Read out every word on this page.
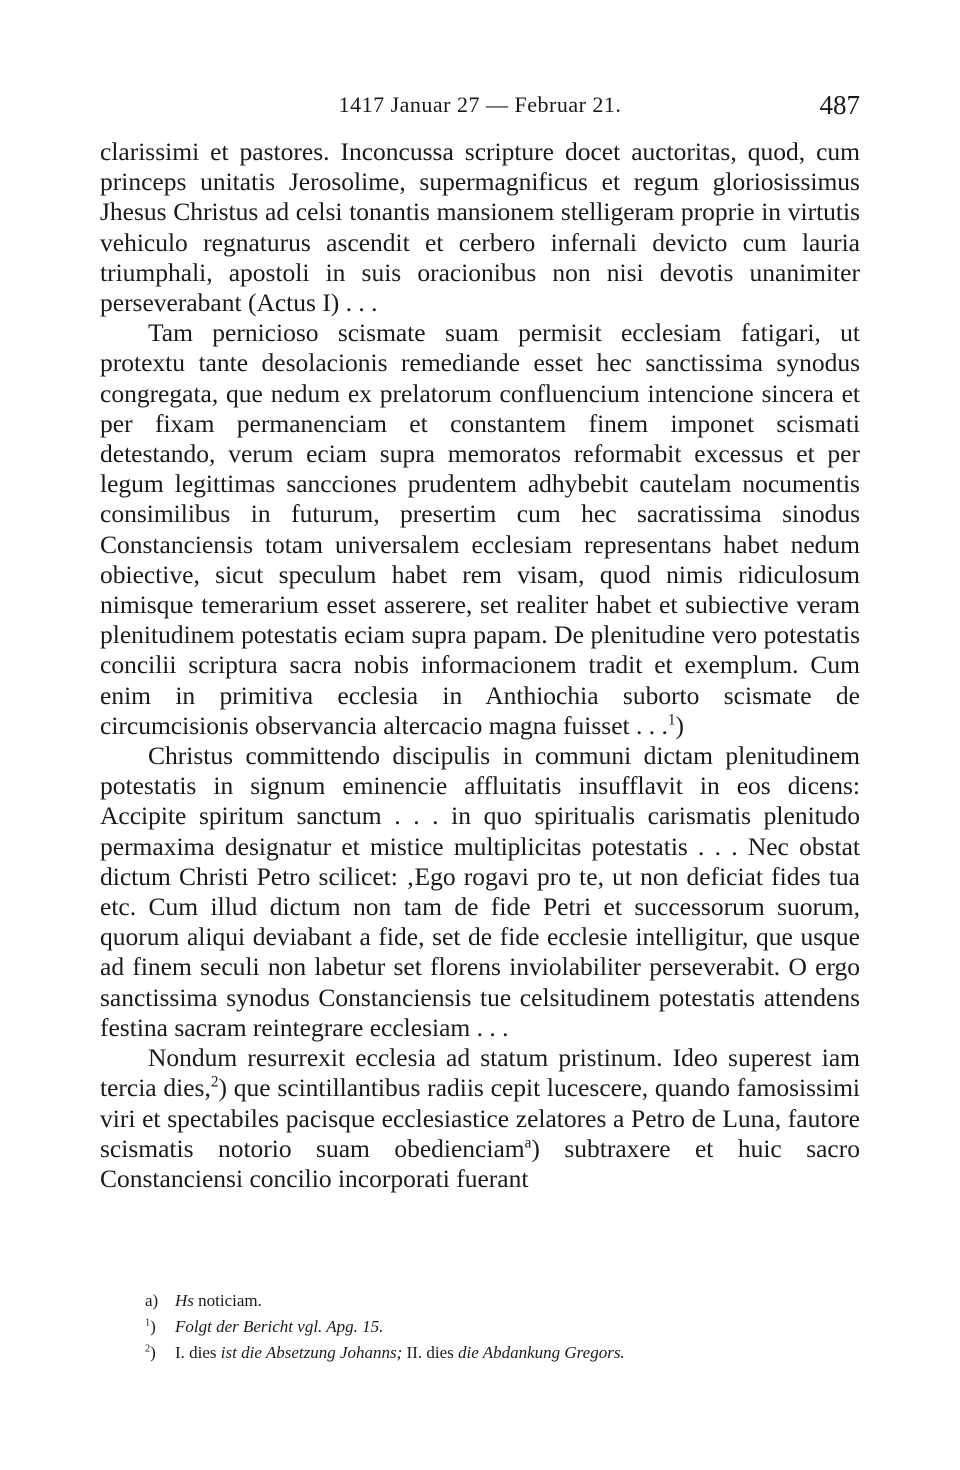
1417 Januar 27 — Februar 21.	487

clarissimi et pastores. Inconcussa scripture docet auctoritas, quod, cum princeps unitatis Jerosolime, supermagnificus et regum gloriosissimus Jhesus Christus ad celsi tonantis mansionem stelligeram proprie in virtutis vehiculo regnaturus ascendit et cerbero infernali devicto cum lauria triumphali, apostoli in suis oracionibus non nisi devotis unanimiter perseverabant (Actus I) . . .

Tam pernicioso scismate suam permisit ecclesiam fatigari, ut protextu tante desolacionis remediande esset hec sanctissima synodus congregata, que nedum ex prelatorum confluencium intencione sincera et per fixam permanenciam et constantem finem imponet scismati detestando, verum eciam supra memoratos reformabit excessus et per legum legittimas sancciones prudentem adhybebit cautelam nocumentis consimilibus in futurum, presertim cum hec sacratissima sinodus Constanciensis totam universalem ecclesiam representans habet nedum obiective, sicut speculum habet rem visam, quod nimis ridiculosum nimisque temerarium esset asserere, set realiter habet et subiective veram plenitudinem potestatis eciam supra papam. De plenitudine vero potestatis concilii scriptura sacra nobis informacionem tradit et exemplum. Cum enim in primitiva ecclesia in Anthiochia suborto scismate de circumcisionis observancia altercacio magna fuisset . . .$^1$)

Christus committendo discipulis in communi dictam plenitudinem potestatis in signum eminencie affluitatis insufflavit in eos dicens: Accipite spiritum sanctum . . . in quo spiritualis carismatis plenitudo permaxima designatur et mistice multiplicitas potestatis . . . Nec obstat dictum Christi Petro scilicet: ‚Ego rogavi pro te, ut non deficiat fides tua etc. Cum illud dictum non tam de fide Petri et successorum suorum, quorum aliqui deviabant a fide, set de fide ecclesie intelligitur, que usque ad finem seculi non labetur set florens inviolabiliter perseverabit. O ergo sanctissima synodus Constanciensis tue celsitudinem potestatis attendens festina sacram reintegrare ecclesiam . . .

Nondum resurrexit ecclesia ad statum pristinum. Ideo superest iam tercia dies,$^2$) que scintillantibus radiis cepit lucescere, quando famosissimi viri et spectabiles pacisque ecclesiastice zelatores a Petro de Luna, fautore scismatis notorio suam obedienciam$^a$) subtraxere et huic sacro Constanciensi concilio incorporati fuerant

a) Hs noticiam.

$^1$) Folgt der Bericht vgl. Apg. 15.

$^2$) I. dies ist die Absetzung Johanns; II. dies die Abdankung Gregors.
